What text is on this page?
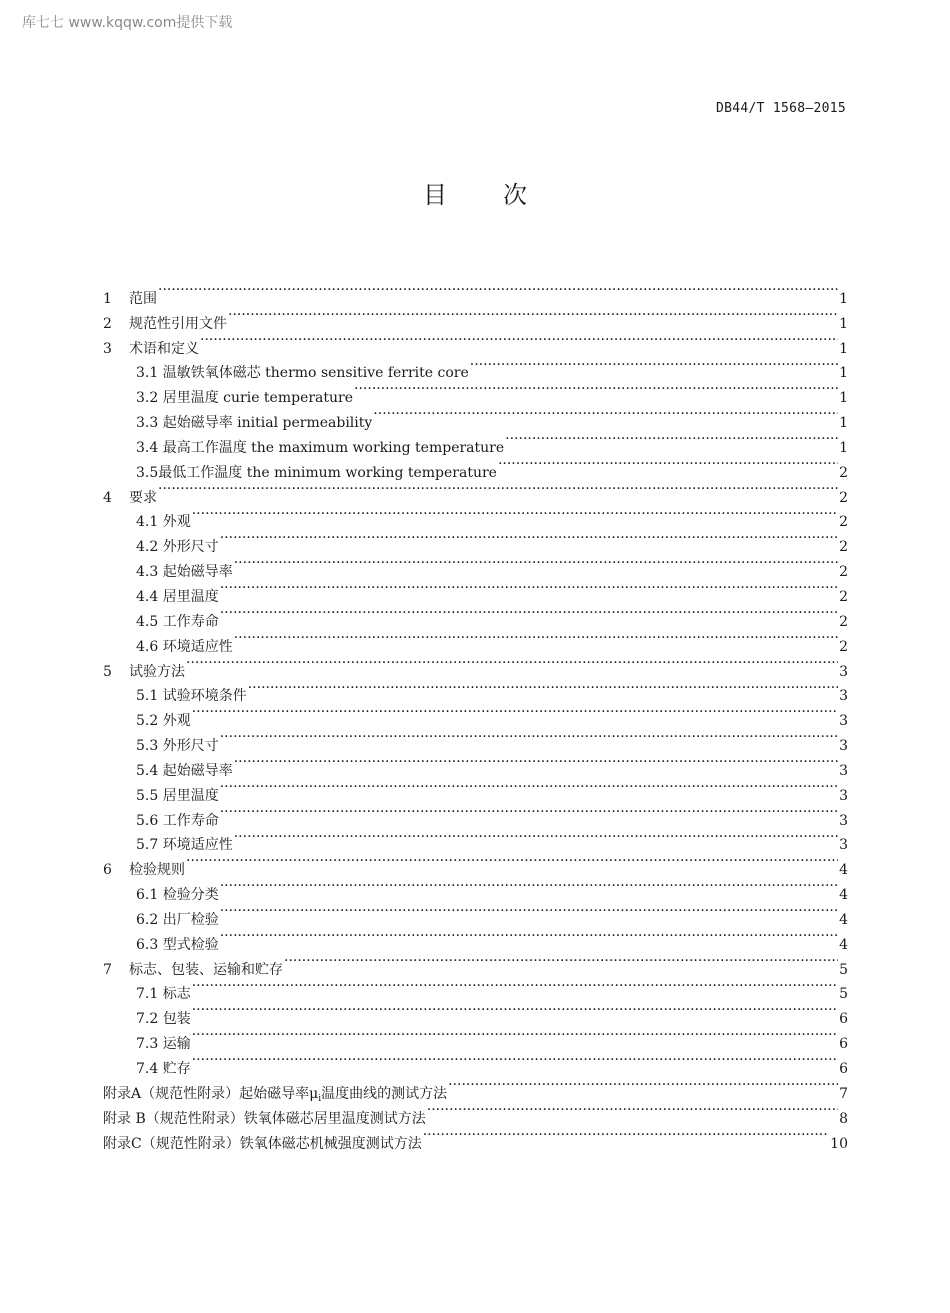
库七七 www.kqqw.com提供下载
DB44/T 1568—2015
目 次
1	范围 ·····	1
2	规范性引用文件 ·····	1
3	术语和定义 ·····	1
3.1 温敏铁氧体磁芯 thermo sensitive ferrite core ·····	1
3.2 居里温度 curie temperature ·····	1
3.3 起始磁导率 initial permeability ·····	1
3.4 最高工作温度 the maximum working temperature ·····	1
3.5最低工作温度 the minimum working temperature ·····	2
4	要求 ·····	2
4.1 外观 ·····	2
4.2 外形尺寸 ·····	2
4.3 起始磁导率 ·····	2
4.4 居里温度 ·····	2
4.5 工作寿命 ·····	2
4.6 环境适应性 ·····	2
5	试验方法 ·····	3
5.1 试验环境条件 ·····	3
5.2 外观 ·····	3
5.3 外形尺寸 ·····	3
5.4 起始磁导率 ·····	3
5.5 居里温度 ·····	3
5.6 工作寿命 ·····	3
5.7 环境适应性 ·····	3
6	检验规则 ·····	4
6.1 检验分类 ·····	4
6.2 出厂检验 ·····	4
6.3 型式检验 ·····	4
7	标志、包装、运输和贮存 ·····	5
7.1 标志 ·····	5
7.2 包装 ·····	6
7.3 运输 ·····	6
7.4 贮存 ·····	6
附录A（规范性附录）起始磁导率$\mu_i$温度曲线的测试方法 ·····	7
附录 B（规范性附录）铁氧体磁芯居里温度测试方法 ·····	8
附录C（规范性附录）铁氧体磁芯机械强度测试方法 ·····	10
